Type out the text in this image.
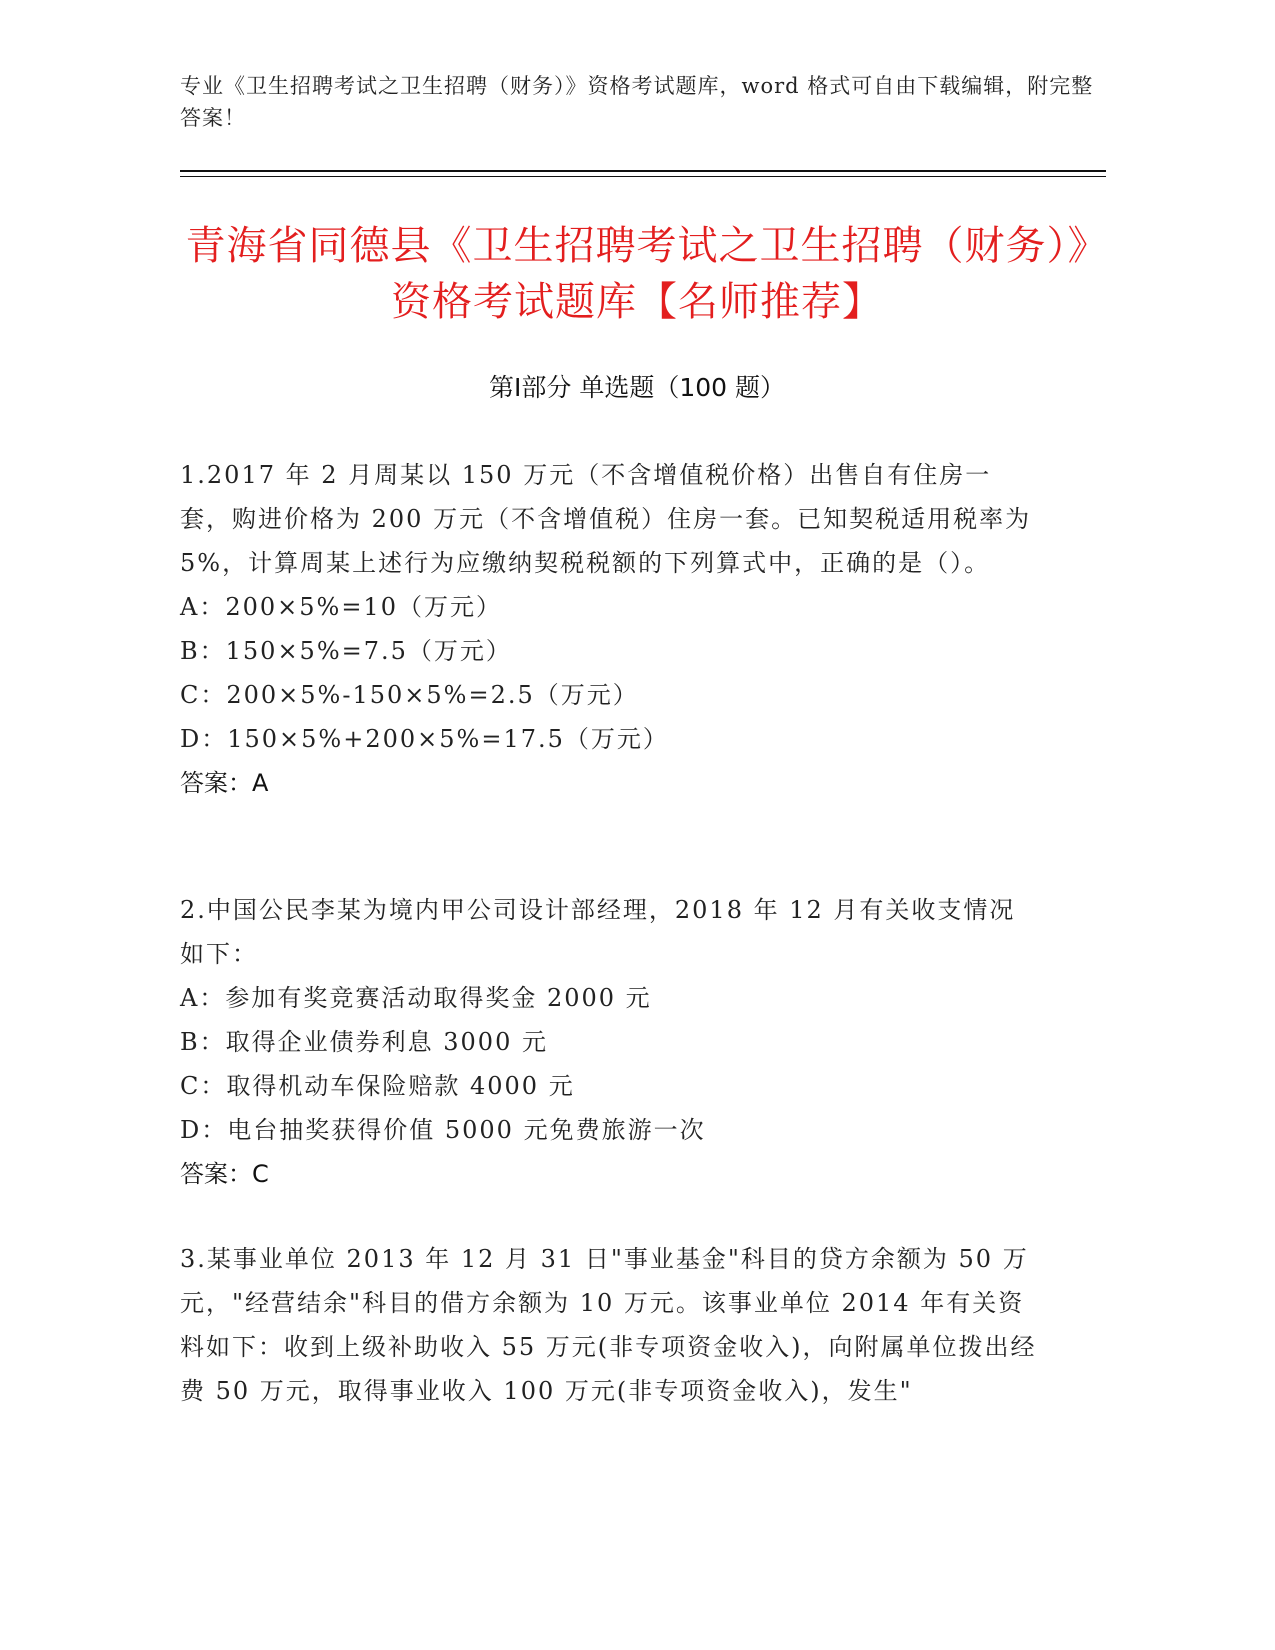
专业《卫生招聘考试之卫生招聘（财务）》资格考试题库，word 格式可自由下载编辑，附完整答案！
青海省同德县《卫生招聘考试之卫生招聘（财务）》资格考试题库【名师推荐】
第Ⅰ部分 单选题（100 题）
1.2017 年 2 月周某以 150 万元（不含增值税价格）出售自有住房一套，购进价格为 200 万元（不含增值税）住房一套。已知契税适用税率为 5%，计算周某上述行为应缴纳契税税额的下列算式中，正确的是（）。
A：200×5%=10（万元）
B：150×5%=7.5（万元）
C：200×5%-150×5%=2.5（万元）
D：150×5%+200×5%=17.5（万元）
答案：A
2.中国公民李某为境内甲公司设计部经理，2018 年 12 月有关收支情况如下：
A：参加有奖竞赛活动取得奖金 2000 元
B：取得企业债券利息 3000 元
C：取得机动车保险赔款 4000 元
D：电台抽奖获得价值 5000 元免费旅游一次
答案：C
3.某事业单位 2013 年 12 月 31 日"事业基金"科目的贷方余额为 50 万元，"经营结余"科目的借方余额为 10 万元。该事业单位 2014 年有关资料如下：收到上级补助收入 55 万元(非专项资金收入)，向附属单位拨出经费 50 万元，取得事业收入 100 万元(非专项资金收入)，发生"
